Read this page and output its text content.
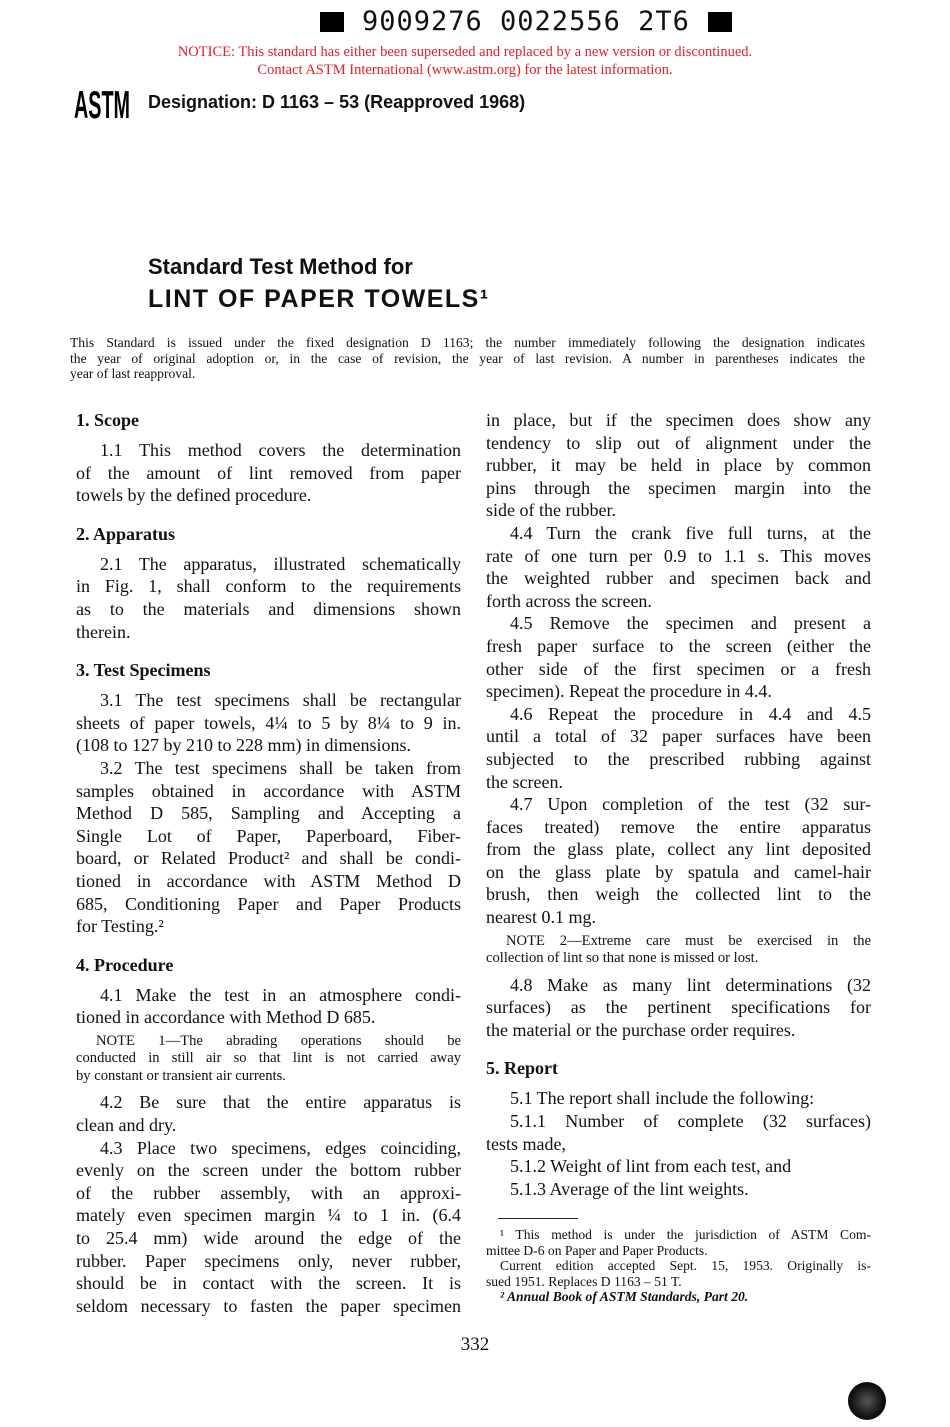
9009276 0022556 2T6
NOTICE: This standard has either been superseded and replaced by a new version or discontinued.
Contact ASTM International (www.astm.org) for the latest information.
ASTM Designation: D 1163 – 53 (Reapproved 1968)
Standard Test Method for
LINT OF PAPER TOWELS¹
This Standard is issued under the fixed designation D 1163; the number immediately following the designation indicates
the year of original adoption or, in the case of revision, the year of last revision. A number in parentheses indicates the
year of last reapproval.
1. Scope
1.1 This method covers the determination
of the amount of lint removed from paper
towels by the defined procedure.
2. Apparatus
2.1 The apparatus, illustrated schematically
in Fig. 1, shall conform to the requirements
as to the materials and dimensions shown
therein.
3. Test Specimens
3.1 The test specimens shall be rectangular
sheets of paper towels, 4¼ to 5 by 8¼ to 9 in.
(108 to 127 by 210 to 228 mm) in dimensions.
3.2 The test specimens shall be taken from
samples obtained in accordance with ASTM
Method D 585, Sampling and Accepting a
Single Lot of Paper, Paperboard, Fiber-
board, or Related Product² and shall be condi-
tioned in accordance with ASTM Method D
685, Conditioning Paper and Paper Products
for Testing.²
4. Procedure
4.1 Make the test in an atmosphere condi-
tioned in accordance with Method D 685.
NOTE 1—The abrading operations should be
conducted in still air so that lint is not carried away
by constant or transient air currents.
4.2 Be sure that the entire apparatus is
clean and dry.
4.3 Place two specimens, edges coinciding,
evenly on the screen under the bottom rubber
of the rubber assembly, with an approxi-
mately even specimen margin ¼ to 1 in. (6.4
to 25.4 mm) wide around the edge of the
rubber. Paper specimens only, never rubber,
should be in contact with the screen. It is
seldom necessary to fasten the paper specimen
in place, but if the specimen does show any
tendency to slip out of alignment under the
rubber, it may be held in place by common
pins through the specimen margin into the
side of the rubber.
4.4 Turn the crank five full turns, at the
rate of one turn per 0.9 to 1.1 s. This moves
the weighted rubber and specimen back and
forth across the screen.
4.5 Remove the specimen and present a
fresh paper surface to the screen (either the
other side of the first specimen or a fresh
specimen). Repeat the procedure in 4.4.
4.6 Repeat the procedure in 4.4 and 4.5
until a total of 32 paper surfaces have been
subjected to the prescribed rubbing against
the screen.
4.7 Upon completion of the test (32 sur-
faces treated) remove the entire apparatus
from the glass plate, collect any lint deposited
on the glass plate by spatula and camel-hair
brush, then weigh the collected lint to the
nearest 0.1 mg.
NOTE 2—Extreme care must be exercised in the
collection of lint so that none is missed or lost.
4.8 Make as many lint determinations (32
surfaces) as the pertinent specifications for
the material or the purchase order requires.
5. Report
5.1 The report shall include the following:
5.1.1 Number of complete (32 surfaces)
tests made,
5.1.2 Weight of lint from each test, and
5.1.3 Average of the lint weights.
¹ This method is under the jurisdiction of ASTM Com-
mittee D-6 on Paper and Paper Products.
Current edition accepted Sept. 15, 1953. Originally is-
sued 1951. Replaces D 1163 – 51 T.
² Annual Book of ASTM Standards, Part 20.
332
